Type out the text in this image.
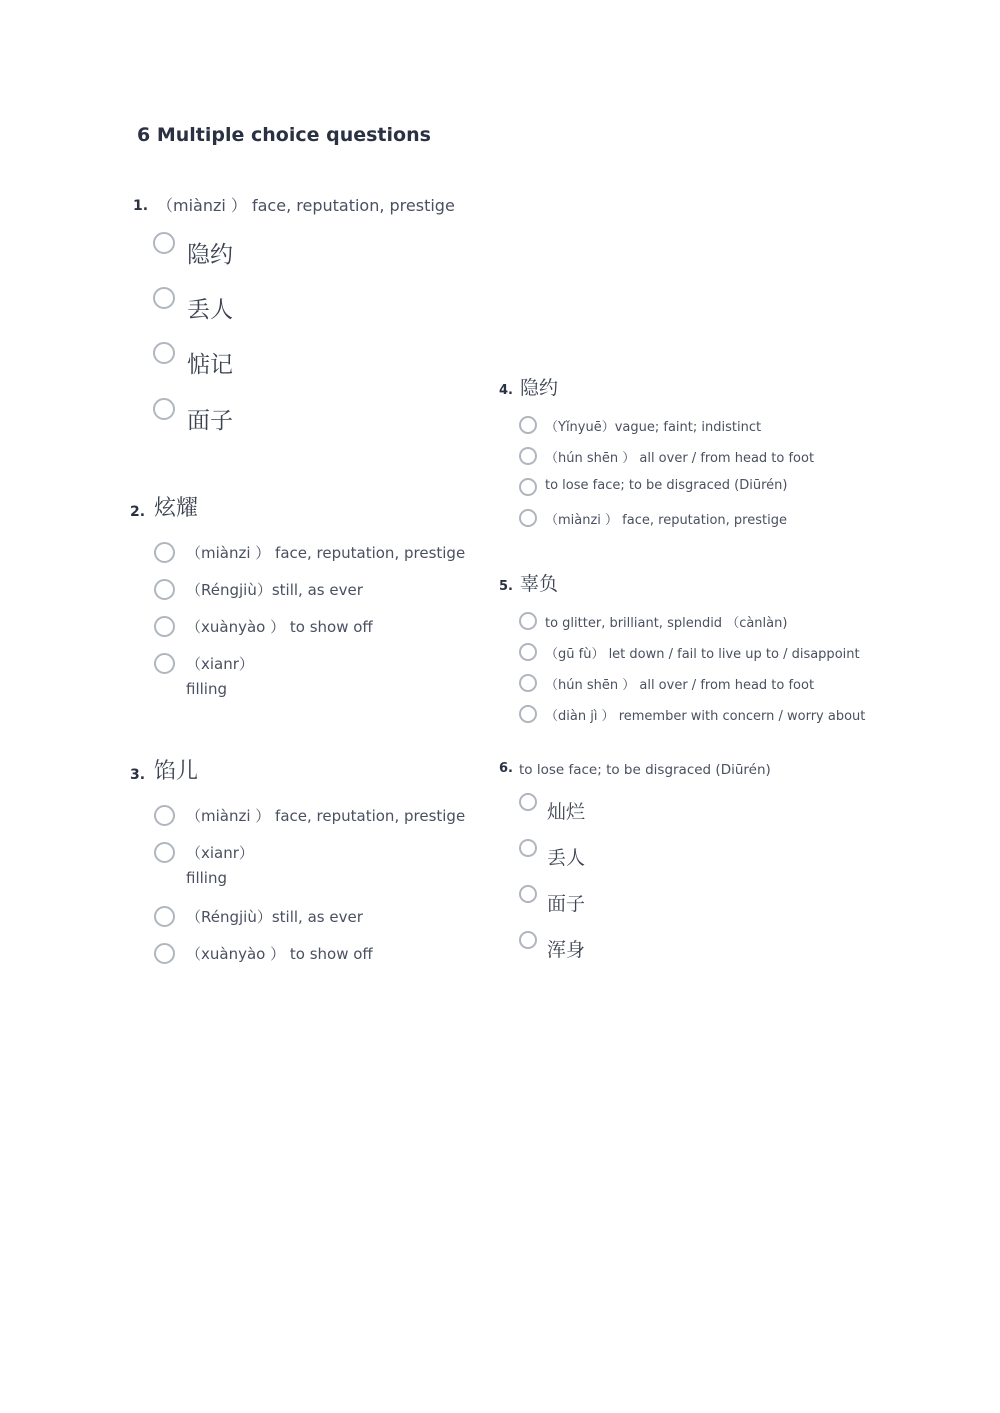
6 Multiple choice questions
1. （miànzi ） face, reputation, prestige
隐约
丢人
惦记
面子
2. 炫耀
（miànzi ） face, reputation, prestige
（Réngjiù）still, as ever
（xuànyào ） to show off
（xianr）
filling
3. 馅儿
（miànzi ） face, reputation, prestige
（xianr）
filling
（Réngjiù）still, as ever
（xuànyào ） to show off
4. 隐约
（Yǐnyuē）vague; faint; indistinct
（hún shēn ） all over / from head to foot
to lose face; to be disgraced (Diūrén)
（miànzi ） face, reputation, prestige
5. 辜负
to glitter, brilliant, splendid （cànlàn)
（gū fù） let down / fail to live up to / disappoint
（hún shēn ） all over / from head to foot
（diàn jì ） remember with concern / worry about
6. to lose face; to be disgraced (Diūrén)
灿烂
丢人
面子
浑身
